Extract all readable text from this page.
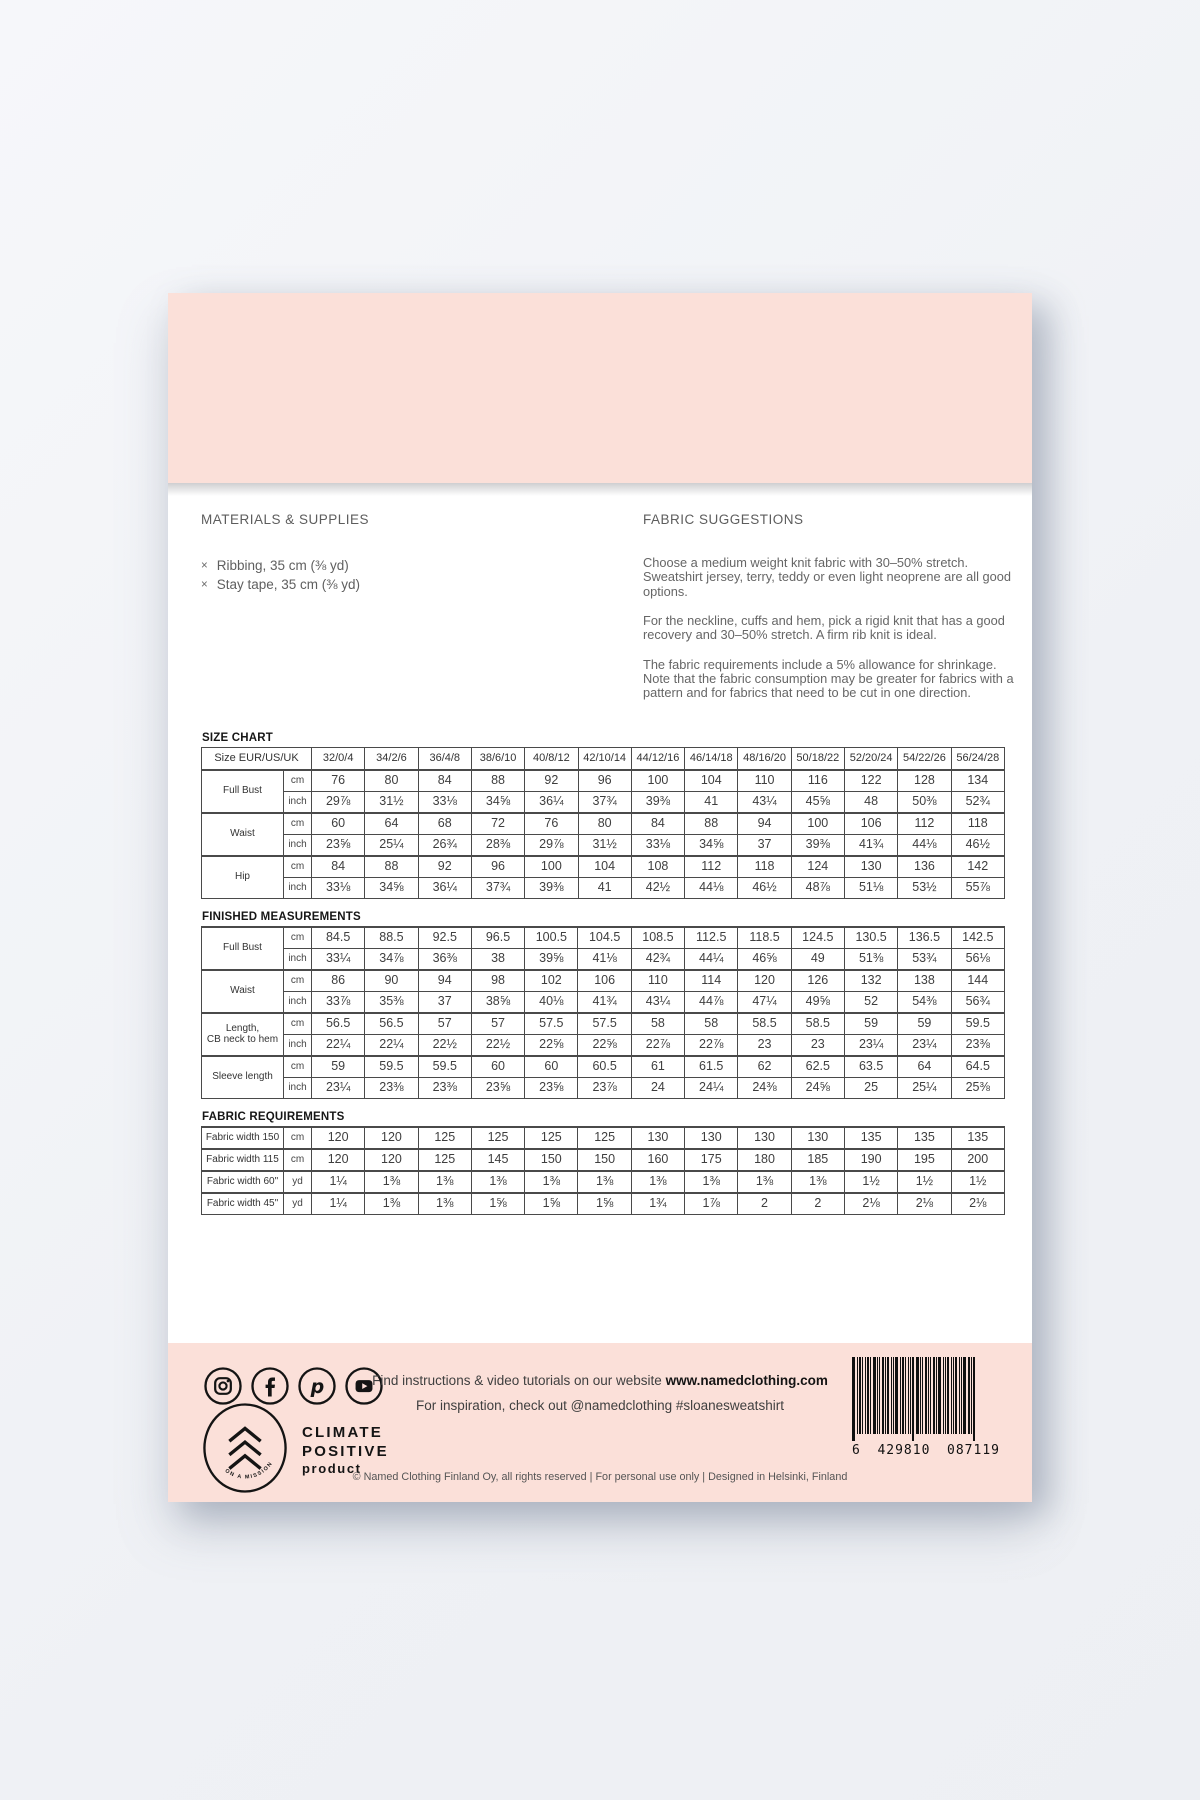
MATERIALS & SUPPLIES
× Ribbing, 35 cm (⅜ yd)
× Stay tape, 35 cm (⅜ yd)
FABRIC SUGGESTIONS

Choose a medium weight knit fabric with 30–50% stretch. Sweatshirt jersey, terry, teddy or even light neoprene are all good options.

For the neckline, cuffs and hem, pick a rigid knit that has a good recovery and 30–50% stretch. A firm rib knit is ideal.

The fabric requirements include a 5% allowance for shrinkage. Note that the fabric consumption may be greater for fabrics with a pattern and for fabrics that need to be cut in one direction.

SIZE CHART
Size EUR/US/UK		32/0/4	34/2/6	36/4/8	38/6/10	40/8/12	42/10/14	44/12/16	46/14/18	48/16/20	50/18/22	52/20/24	54/22/26	56/24/28
Full Bust	cm	76	80	84	88	92	96	100	104	110	116	122	128	134
	inch	29⅞	31½	33⅛	34⅝	36¼	37¾	39⅜	41	43¼	45⅝	48	50⅜	52¾
Waist	cm	60	64	68	72	76	80	84	88	94	100	106	112	118
	inch	23⅝	25¼	26¾	28⅜	29⅞	31½	33⅛	34⅝	37	39⅜	41¾	44⅛	46½
Hip	cm	84	88	92	96	100	104	108	112	118	124	130	136	142
	inch	33⅛	34⅝	36¼	37¾	39⅜	41	42½	44⅛	46½	48⅞	51⅛	53½	55⅞
FINISHED MEASUREMENTS
Full Bust	cm	84.5	88.5	92.5	96.5	100.5	104.5	108.5	112.5	118.5	124.5	130.5	136.5	142.5
	inch	33¼	34⅞	36⅜	38	39⅝	41⅛	42¾	44¼	46⅝	49	51⅜	53¾	56⅛
Waist	cm	86	90	94	98	102	106	110	114	120	126	132	138	144
	inch	33⅞	35⅜	37	38⅝	40⅛	41¾	43¼	44⅞	47¼	49⅝	52	54⅜	56¾
Length,
CB neck to hem	cm	56.5	56.5	57	57	57.5	57.5	58	58	58.5	58.5	59	59	59.5
	inch	22¼	22¼	22½	22½	22⅝	22⅝	22⅞	22⅞	23	23	23¼	23¼	23⅜
Sleeve length	cm	59	59.5	59.5	60	60	60.5	61	61.5	62	62.5	63.5	64	64.5
	inch	23¼	23⅜	23⅜	23⅝	23⅝	23⅞	24	24¼	24⅜	24⅝	25	25¼	25⅜
FABRIC REQUIREMENTS
Fabric width 150	cm	120	120	125	125	125	125	130	130	130	130	135	135	135
Fabric width 115	cm	120	120	125	145	150	150	160	175	180	185	190	195	200
Fabric width 60"	yd	1¼	1⅜	1⅜	1⅜	1⅜	1⅜	1⅜	1⅜	1⅜	1⅜	1½	1½	1½
Fabric width 45"	yd	1¼	1⅜	1⅜	1⅝	1⅝	1⅝	1¾	1⅞	2	2	2⅛	2⅛	2⅛
p
ON A MISSION
CLIMATE
POSITIVE
product

Find instructions & video tutorials on our website www.namedclothing.com

For inspiration, check out @namedclothing #sloanesweatshirt

© Named Clothing Finland Oy, all rights reserved | For personal use only | Designed in Helsinki, Finland
6 429810 087119
